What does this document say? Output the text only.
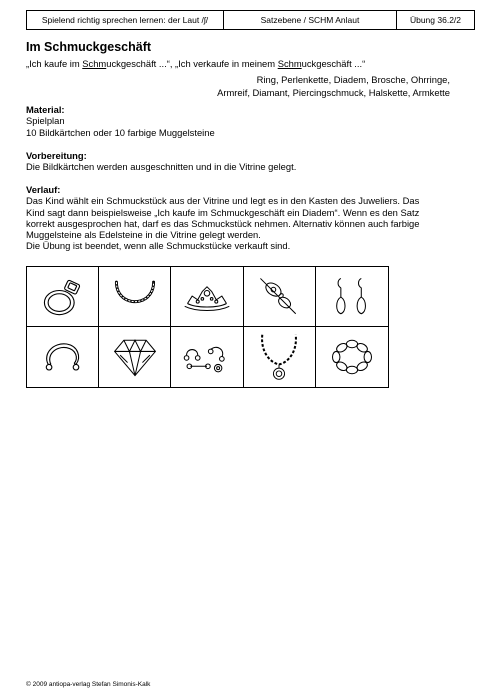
Spielend richtig sprechen lernen: der Laut /ʃ/	Satzebene / SCHM Anlaut	Übung 36.2/2
Im Schmuckgeschäft
„Ich kaufe im Schmuckgeschäft ...“, „Ich verkaufe in meinem Schmuckgeschäft ...“
Ring, Perlenkette, Diadem, Brosche, Ohrringe,
Armreif, Diamant, Piercingschmuck, Halskette, Armkette
Material:
Spielplan
10 Bildkärtchen oder 10 farbige Muggelsteine
Vorbereitung:
Die Bildkärtchen werden ausgeschnitten und in die Vitrine gelegt.
Verlauf:
Das Kind wählt ein Schmuckstück aus der Vitrine und legt es in den Kasten des Juweliers. Das
Kind sagt dann beispielsweise „Ich kaufe im Schmuckgeschäft ein Diadem“. Wenn es den Satz
korrekt ausgesprochen hat, darf es das Schmuckstück nehmen. Alternativ können auch farbige
Muggelsteine als Edelsteine in die Vitrine gelegt werden.
Die Übung ist beendet, wenn alle Schmuckstücke verkauft sind.
© 2009 antiopa-verlag Stefan Simonis-Kalk
